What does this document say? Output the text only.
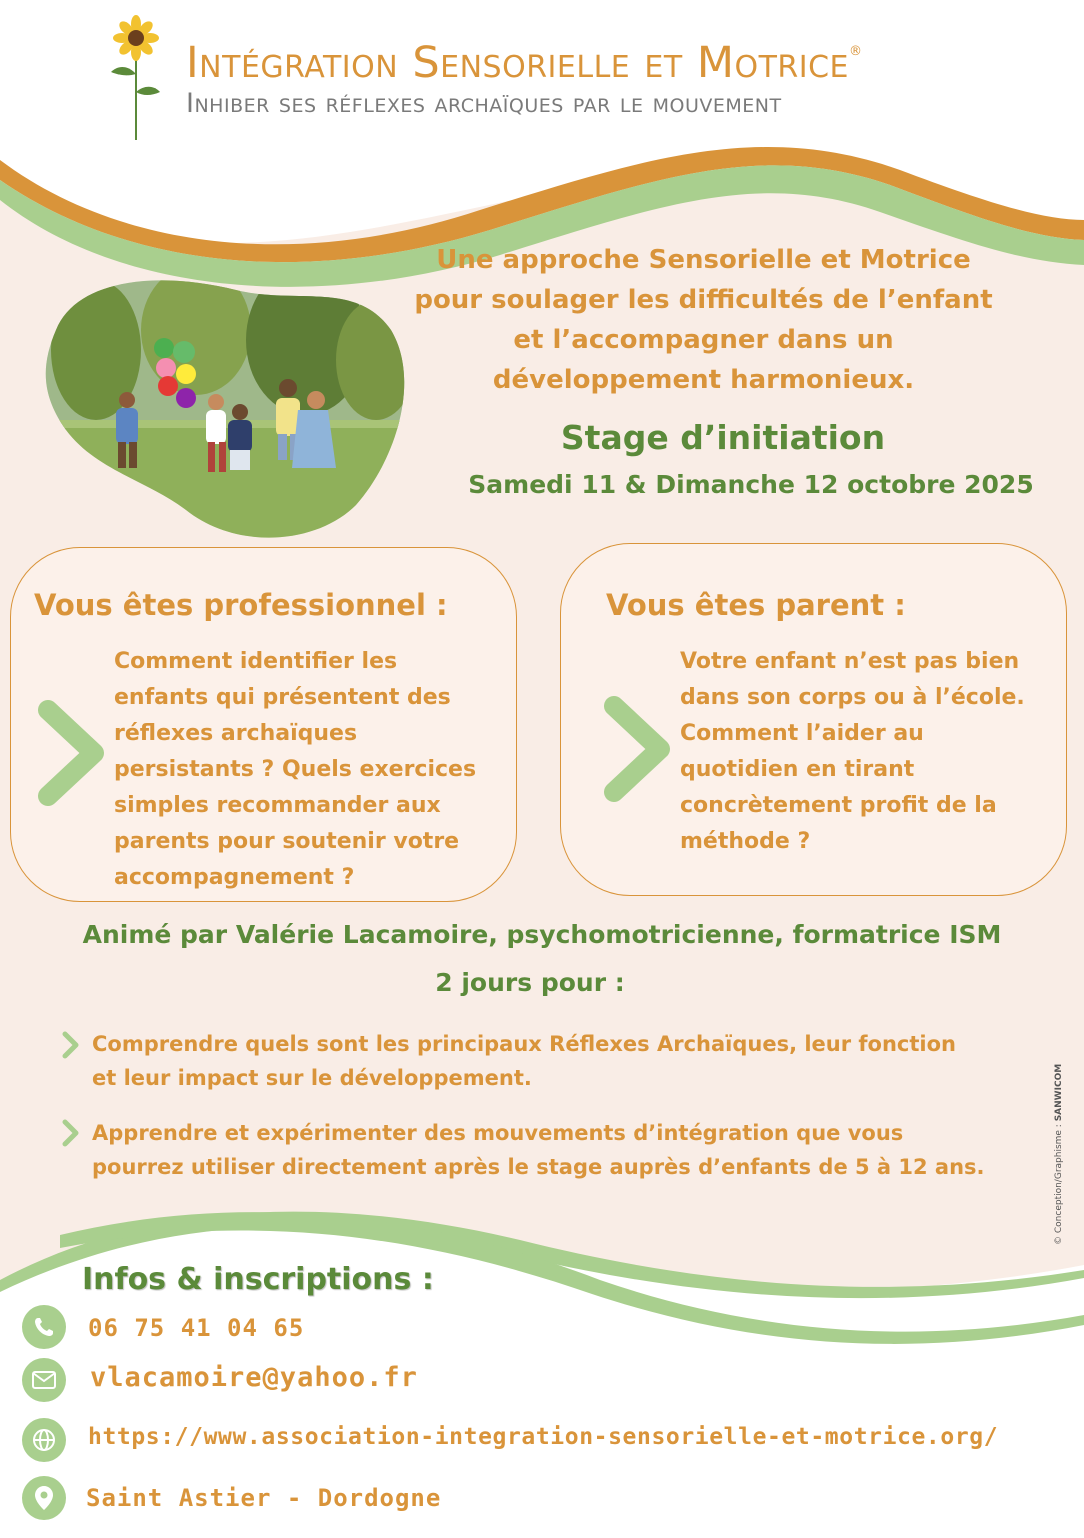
Intégration Sensorielle et Motrice®
Inhiber ses réflexes archaïques par le mouvement
Une approche Sensorielle et Motrice
pour soulager les difficultés de l’enfant
et l’accompagner dans un
développement harmonieux.
Stage d’initiation
Samedi 11 & Dimanche 12 octobre 2025
Vous êtes professionnel :
Comment identifier les
enfants qui présentent des
réflexes archaïques
persistants ? Quels exercices
simples recommander aux
parents pour soutenir votre
accompagnement ?
Vous êtes parent :
Votre enfant n’est pas bien
dans son corps ou à l’école.
Comment l’aider au
quotidien en tirant
concrètement profit de la
méthode ?
Animé par Valérie Lacamoire, psychomotricienne, formatrice ISM
2 jours pour :
Comprendre quels sont les principaux Réflexes Archaïques, leur fonction
et leur impact sur le développement.
Apprendre et expérimenter des mouvements d’intégration que vous
pourrez utiliser directement après le stage auprès d’enfants de 5 à 12 ans.
© Conception/Graphisme : SANWICOM
Infos & inscriptions :
06 75 41 04 65
vlacamoire@yahoo.fr
https://www.association-integration-sensorielle-et-motrice.org/
Saint Astier - Dordogne
